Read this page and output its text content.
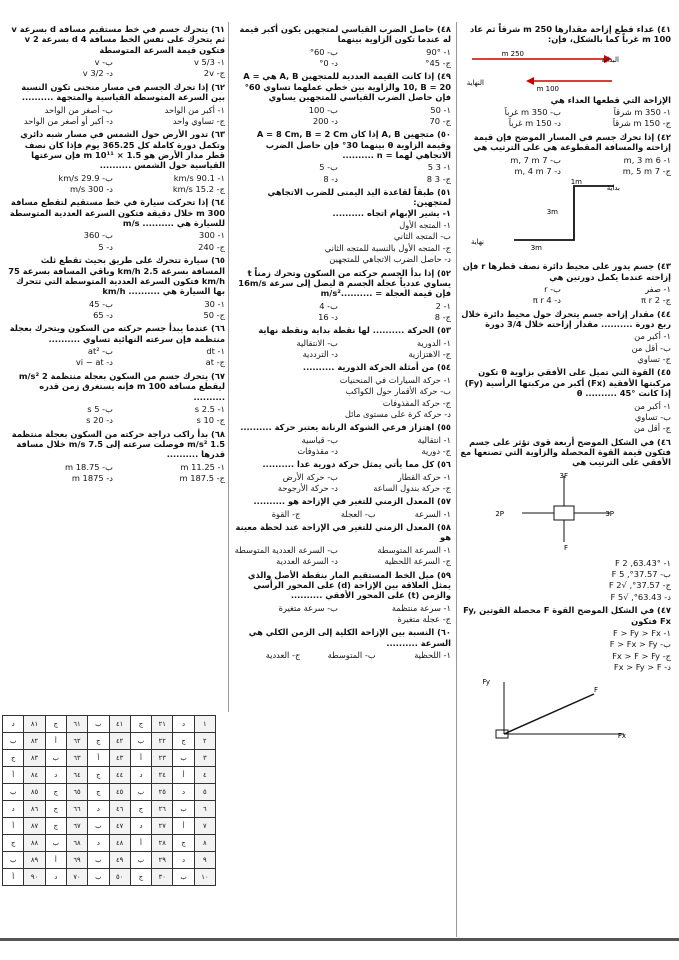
٤١) عداء قطع إزاحة مقدارها 250 m شرقاً ثم عاد 100 m غرباً كما بالشكل، فإن:
250 m
100 m
البداية
النهاية
الإزاحة التي قطعها العداء هي
١- 350 m شرقاً
ب- 350 m غرباً
ج- 150 m شرقاً
د- 150 m غرباً
٤٢) إذا تحرك جسم في المسار الموضح فإن قيمة إزاحته والمسافة المقطوعة هي على الترتيب هي
١- 6 m, 3 m
ب- 7 m, 7 m
ج- 7 m, 5 m
د- 7 m, 4 m
1m
3m
3m
بداية
نهاية
٤٣) جسم يدور على محيط دائرة نصف قطرها r فإن إزاحته عندما يكمل دورتين هي
١- صفر
ب- r
ج- 2 π r
د- 4 π r
٤٤) مقدار إزاحة جسم يتحرك حول محيط دائرة خلال ربع دورة .......... مقدار إزاحته خلال 3/4 دورة
١- أكبر من
ب- أقل من
ج- تساوي
٤٥) القوة التي تميل على الأفقي بزاوية θ تكون مركبتها الأفقية (Fx) أكبر من مركبتها الرأسية (Fy) إذا كانت θ .......... 45°
١- أكبر من
ب- تساوي
ج- أقل من
٤٦) في الشكل الموضح أربعة قوى تؤثر على جسم فتكون قيمة القوة المحصلة والزاوية التي تصنعها مع الأفقي على الترتيب هي
3F
F
2P	3P
١- 63.43°, 2 F
ب- 37.57°, 5 F
ج- 37.57°, √2 F
د- 63.43°, √5 F
٤٧) في الشكل الموضح القوة F محصلة القوتين Fy, Fx فتكون
١- F > Fy > Fx
ب- F > Fx > Fy
ج- Fx > F > Fy
د- Fx > Fy > F
F
Fy
Fx
٤٨) حاصل الضرب القياسي لمتجهين يكون أكبر قيمة له عندما تكون الزاوية بينهما
١- 90°
ب- 60°
ج- 45°
د- 0°
٤٩) إذا كانت القيمة العددية للمتجهين A, B هي A = 10, B = 20 والزاوية بين خطي عملهما تساوي 60° فإن حاصل الضرب القياسي للمتجهين يساوي
١- 50
ب- 100
ج- 70
د- 200
٥٠) متجهين A, B إذا كان A = 8 Cm, B = 2 Cm وقيمة الزاوية θ بينهما 30° فإن حاصل الضرب الاتجاهي لهما = n ..........
١- 3 5
ب- 5
ج- 3 8
د- 8
٥١) طبقاً لقاعدة اليد اليمنى للضرب الاتجاهي لمتجهين:
١- يشير الإبهام اتجاه ..........
١- المتجه الأول
ب- المتجه الثاني
ج- المتجه الأول بالنسبة للمتجه الثاني
د- حاصل الضرب الاتجاهي للمتجهين
٥٢) إذا بدأ الجسم حركته من السكون وتحرك زمناً t يساوي عددياً عجلة الجسم a ليصل إلى سرعة 16m/s فإن قيمة العجلة = ..........m/s²
١- 2
ب- 4
ج- 8
د- 16
٥٣) الحركة .......... لها نقطة بداية ونقطة نهاية
١- الدورية
ب- الانتقالية
ج- الاهتزازية
د- الترددية
٥٤) من أمثلة الحركة الدورية ..........
١- حركة السيارات في المنحنيات
ب- حركة الأقمار حول الكواكب
ج- حركة المقذوفات
د- حركة كرة على مستوى مائل
٥٥) اهتزاز فرعي الشوكة الرنانة يعتبر حركة ..........
١- انتقالية
ب- قياسية
ج- دورية
د- مقذوفات
٥٦) كل مما يأتي يمثل حركة دورية عدا ..........
١- حركة القطار
ب- حركة الأرض
ج- حركة بندول الساعة
د- حركة الأرجوحة
٥٧) المعدل الزمني للتغير في الإزاحة هو ..........
١- السرعة
ب- العجلة
ج- القوة
٥٨) المعدل الزمني للتغير في الإزاحة عند لحظة معينة هو
١- السرعة المتوسطة
ب- السرعة العددية المتوسطة
ج- السرعة اللحظية
د- السرعة العددية
٥٩) ميل الخط المستقيم المار بنقطة الأصل والذي يمثل العلاقة بين الإزاحة (d) على المحور الرأسي والزمن (t) على المحور الأفقي ..........
١- سرعة منتظمة
ب- سرعة متغيرة
ج- عجلة متغيرة
٦٠) النسبة بين الإزاحة الكلية إلى الزمن الكلي هي السرعة ..........
١- اللحظية
ب- المتوسطة
ج- العددية
٦١) يتحرك جسم في خط مستقيم مسافة d بسرعة v ثم يتحرك على نفس الخط مسافة 4 d بسرعة 2 v فتكون قيمة السرعة المتوسطة
١- 5/3 v
ب- v
ج- 2v
د- 3/2 v
٦٢) إذا تحرك الجسم في مسار منحنى تكون النسبة بين السرعة المتوسطة القياسية والمتجهة ..........
١- أكبر من الواحد
ب- أصغر من الواحد
ج- تساوي واحد
د- أكبر أو أصغر من الواحد
٦٣) تدور الأرض حول الشمس في مسار شبه دائري وتكمل دورة كاملة كل 365.25 يوم فإذا كان نصف قطر مدار الأرض هو 1.5 × 10¹¹ m فإن سرعتها القياسية حول الشمس ..........
١- 90.1 km/s
ب- 29.9 km/s
ج- 15.2 km/s
د- 300 m/s
٦٤) إذا تحركت سيارة في خط مستقيم لتقطع مسافة 300 m خلال دقيقة فتكون السرعة العددية المتوسطة للسيارة هي .......... m/s
١- 300
ب- 360
ج- 240
د- 5
٦٥) سيارة تتحرك على طريق بحيث تقطع ثلث المسافة بسرعة 2.5 km/h وباقي المسافة بسرعة 75 km/h فتكون السرعة العددية المتوسطة التي تتحرك بها السيارة هي .......... km/h
١- 30
ب- 45
ج- 50
د- 65
٦٦) عندما يبدأ جسم حركته من السكون ويتحرك بعجلة منتظمة فإن سرعته النهائية تساوي ..........
١- dt
ب- at²
ج- at
د- vi − at
٦٧) يتحرك جسم من السكون بعجلة منتظمة 2 m/s² ليقطع مسافة 100 m فإنه يستغرق زمن قدره ..........
١- 2.5 s
ب- 5 s
ج- 10 s
د- 20 s
٦٨) بدأ راكب دراجة حركته من السكون بعجلة منتظمة 1.5 m/s² فوصلت سرعته إلى 7.5 m/s خلال مسافة قدرها ..........
١- 11.25 m
ب- 18.75 m
ج- 187.5 m
د- 1875 m
١	د	٢١	ج	٤١	ب	٦١	ج	٨١	د
٢	ج	٢٢	ب	٤٢	ج	٦٢	أ	٨٢	ب
٣	ب	٢٣	أ	٤٣	أ	٦٣	ب	٨٣	ج
٤	أ	٢٤	د	٤٤	ج	٦٤	د	٨٤	أ
٥	د	٢٥	ب	٤٥	ج	٦٥	ج	٨٥	ب
٦	ب	٢٦	ج	٤٦	د	٦٦	ج	٨٦	د
٧	أ	٢٧	د	٤٧	ب	٦٧	ج	٨٧	أ
٨	ج	٢٨	أ	٤٨	د	٦٨	ب	٨٨	ج
٩	د	٢٩	ب	٤٩	ب	٦٩	أ	٨٩	ب
١٠	ب	٣٠	ج	٥٠	ب	٧٠	د	٩٠	أ
